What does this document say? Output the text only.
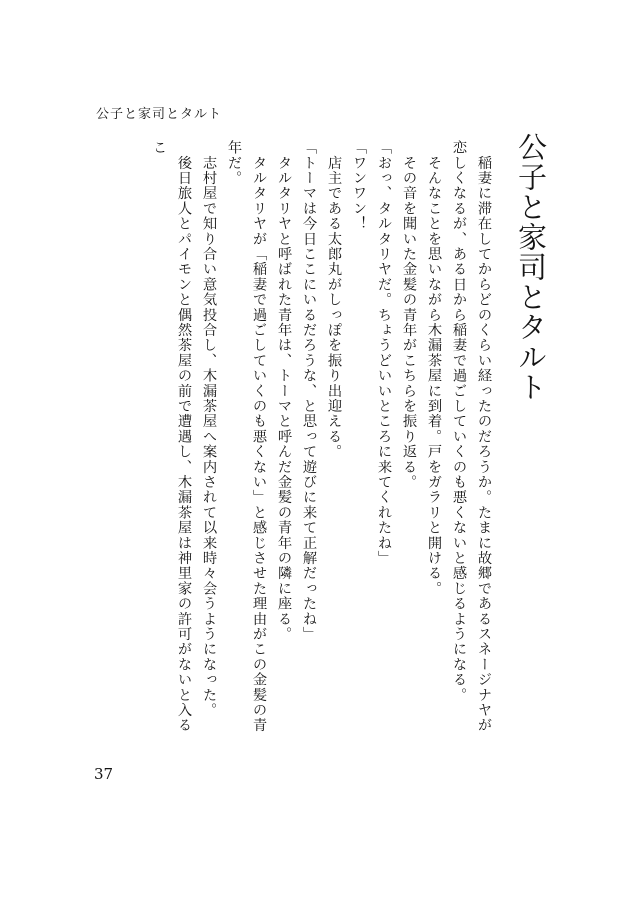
公子と家司とタルト
公子と家司とタルト

　稲妻に滞在してからどのくらい経ったのだろうか。たまに故郷であるスネージナヤが恋しくなるが、ある日から稲妻で過ごしていくのも悪くないと感じるようになる。

　そんなことを思いながら木漏茶屋に到着。戸をガラリと開ける。

　その音を聞いた金髪の青年がこちらを振り返る。

「おっ、タルタリヤだ。ちょうどいいところに来てくれたね」

「ワンワン！

　店主である太郎丸がしっぽを振り出迎える。

「トーマは今日ここにいるだろうな、と思って遊びに来て正解だったね」

　タルタリヤと呼ばれた青年は、トーマと呼んだ金髪の青年の隣に座る。

　タルタリヤが「稲妻で過ごしていくのも悪くない」と感じさせた理由がこの金髪の青年だ。

　志村屋で知り合い意気投合し、木漏茶屋へ案内されて以来時々会うようになった。

　後日旅人とパイモンと偶然茶屋の前で遭遇し、木漏茶屋は神里家の許可がないと入るこ

37
